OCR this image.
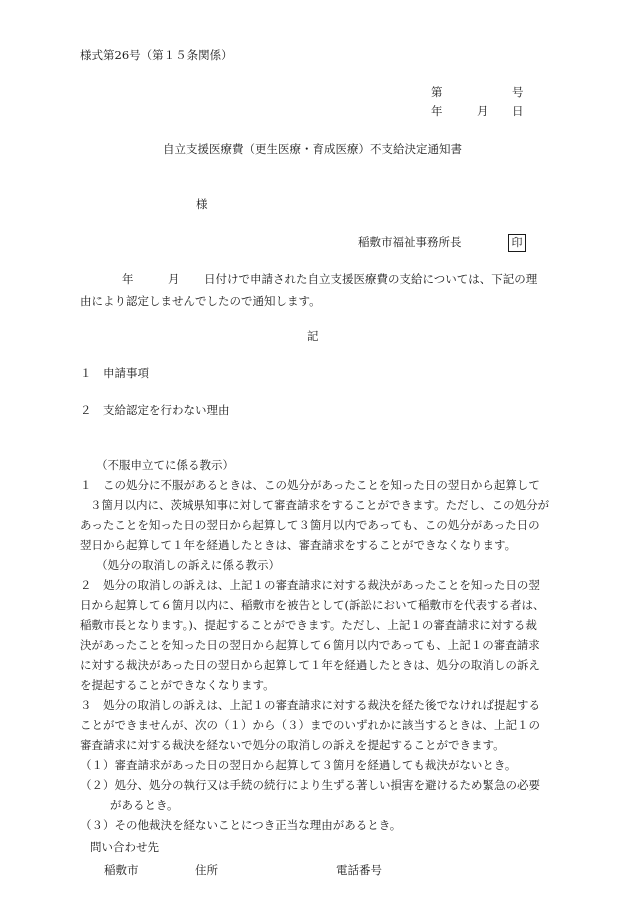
様式第26号（第１５条関係）
第	号
年	月 日
自立支援医療費（更生医療・育成医療）不支給決定通知書
様
稲敷市福祉事務所長	印
年	月 日付けで申請された自立支援医療費の支給については、下記の理
由により認定しませんでしたので通知します。
記
１　申請事項
２　支給認定を行わない理由
（不服申立てに係る教示）
１　この処分に不服があるときは、この処分があったことを知った日の翌日から起算して
３箇月以内に、茨城県知事に対して審査請求をすることができます。ただし、この処分が
あったことを知った日の翌日から起算して３箇月以内であっても、この処分があった日の
翌日から起算して１年を経過したときは、審査請求をすることができなくなります。
（処分の取消しの訴えに係る教示）
２　処分の取消しの訴えは、上記１の審査請求に対する裁決があったことを知った日の翌
日から起算して６箇月以内に、稲敷市を被告として(訴訟において稲敷市を代表する者は、
稲敷市長となります。)、提起することができます。ただし、上記１の審査請求に対する裁
決があったことを知った日の翌日から起算して６箇月以内であっても、上記１の審査請求
に対する裁決があった日の翌日から起算して１年を経過したときは、処分の取消しの訴え
を提起することができなくなります。
３　処分の取消しの訴えは、上記１の審査請求に対する裁決を経た後でなければ提起する
ことができませんが、次の（１）から（３）までのいずれかに該当するときは、上記１の
審査請求に対する裁決を経ないで処分の取消しの訴えを提起することができます。
（１）審査請求があった日の翌日から起算して３箇月を経過しても裁決がないとき。
（２）処分、処分の執行又は手続の続行により生ずる著しい損害を避けるため緊急の必要
があるとき。
（３）その他裁決を経ないことにつき正当な理由があるとき。
問い合わせ先
稲敷市	住所	電話番号
